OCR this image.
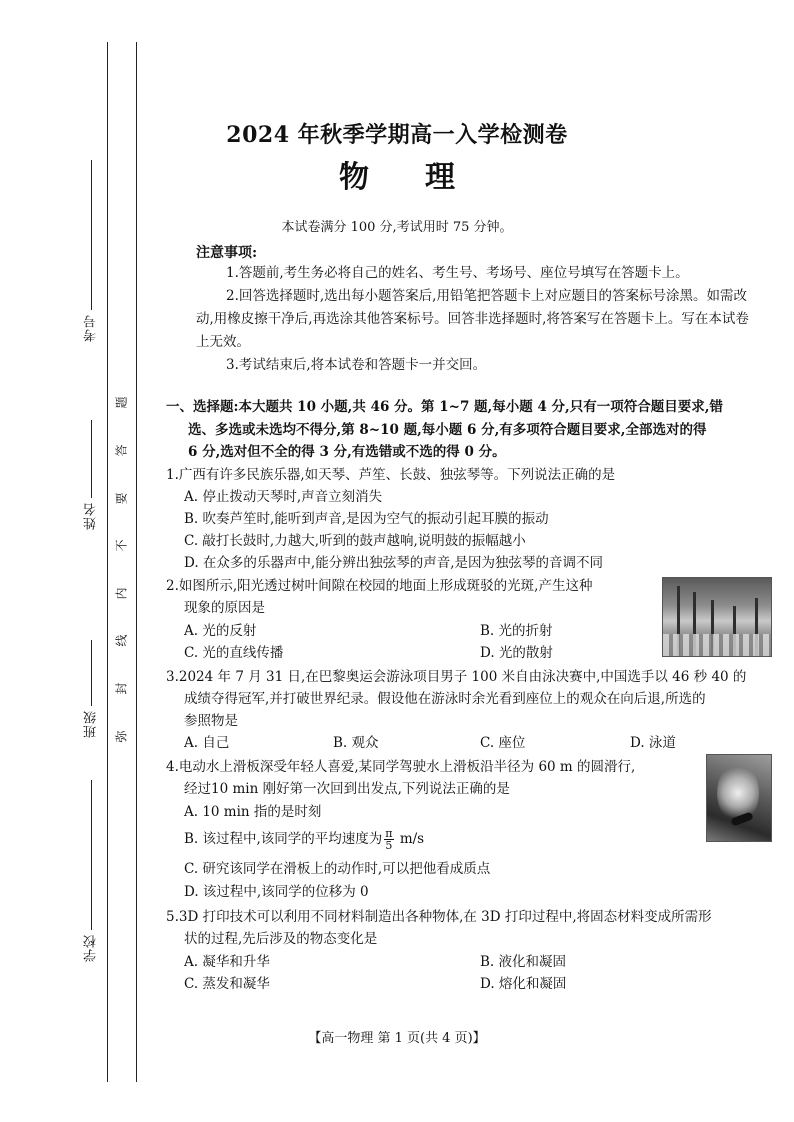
考号
姓名
班级
学校
题
答
要
不
内
线
封
弥
2024 年秋季学期高一入学检测卷
物 理
本试卷满分 100 分,考试用时 75 分钟。
注意事项:

1.答题前,考生务必将自己的姓名、考生号、考场号、座位号填写在答题卡上。

2.回答选择题时,选出每小题答案后,用铅笔把答题卡上对应题目的答案标号涂黑。如需改动,用橡皮擦干净后,再选涂其他答案标号。回答非选择题时,将答案写在答题卡上。写在本试卷上无效。

3.考试结束后,将本试卷和答题卡一并交回。

一、选择题:本大题共 10 小题,共 46 分。第 1~7 题,每小题 4 分,只有一项符合题目要求,错
选、多选或未选均不得分,第 8~10 题,每小题 6 分,有多项符合题目要求,全部选对的得
6 分,选对但不全的得 3 分,有选错或不选的得 0 分。
1.广西有许多民族乐器,如天琴、芦笙、长鼓、独弦琴等。下列说法正确的是
A. 停止拨动天琴时,声音立刻消失
B. 吹奏芦笙时,能听到声音,是因为空气的振动引起耳膜的振动
C. 敲打长鼓时,力越大,听到的鼓声越响,说明鼓的振幅越小
D. 在众多的乐器声中,能分辨出独弦琴的声音,是因为独弦琴的音调不同
2.如图所示,阳光透过树叶间隙在校园的地面上形成斑驳的光斑,产生这种
现象的原因是
A. 光的反射	B. 光的折射
C. 光的直线传播	D. 光的散射
3.2024 年 7 月 31 日,在巴黎奥运会游泳项目男子 100 米自由泳决赛中,中国选手以 46 秒 40 的
成绩夺得冠军,并打破世界纪录。假设他在游泳时余光看到座位上的观众在向后退,所选的
参照物是
A. 自己	B. 观众	C. 座位	D. 泳道
4.电动水上滑板深受年轻人喜爱,某同学驾驶水上滑板沿半径为 60 m 的圆滑行,
经过10 min 刚好第一次回到出发点,下列说法正确的是
A. 10 min 指的是时刻
B. 该过程中,该同学的平均速度为 $\frac{\pi}{5} m/s$
C. 研究该同学在滑板上的动作时,可以把他看成质点
D. 该过程中,该同学的位移为 0
5.3D 打印技术可以利用不同材料制造出各种物体,在 3D 打印过程中,将固态材料变成所需形
状的过程,先后涉及的物态变化是
A. 凝华和升华	B. 液化和凝固
C. 蒸发和凝华	D. 熔化和凝固
【高一物理 第 1 页(共 4 页)】
